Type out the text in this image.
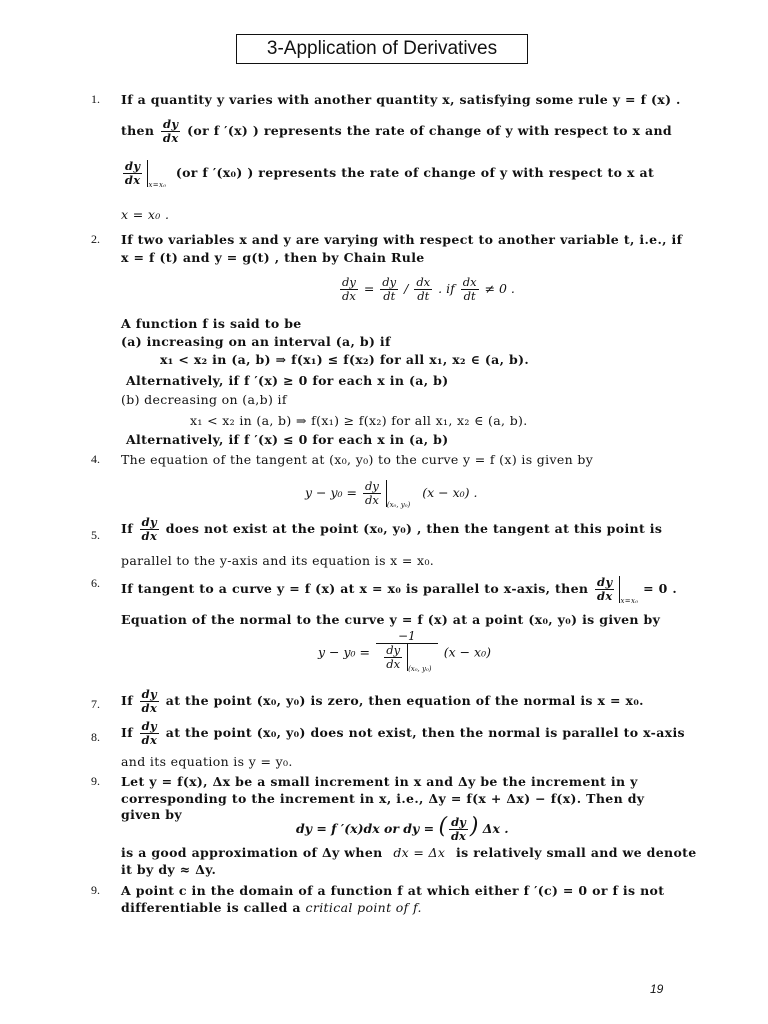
3-Application of Derivatives
1. If a quantity y varies with another quantity x, satisfying some rule y = f (x) .
then $\frac{dy}{dx} (or$ f ′(x) ) represents the rate of change of y with respect to x and
$\frac{dy}{dx} _{x=x_0}$  (or f ′(x₀) ) represents the rate of change of y with respect to x at
x = x₀ .
2. If two variables x and y are varying with respect to another variable t, i.e., if
x = f (t) and y = g(t) , then by Chain Rule
$\frac{dy}{dx} = \frac{dy}{dt} / \frac{dx}{dt}$ . if $\frac{dx}{dt} \ne 0$ .
A function f is said to be
(a) increasing on an interval (a, b) if
x₁ < x₂ in (a, b) ⇒ f(x₁) ≤ f(x₂) for all x₁, x₂ ∈ (a, b).
Alternatively, if f ′(x) ≥ 0 for each x in (a, b)
(b) decreasing on (a,b) if
x₁ < x₂ in (a, b) ⇒ f(x₁) ≥ f(x₂) for all x₁, x₂ ∈ (a, b).
Alternatively, if f ′(x) ≤ 0 for each x in (a, b)
4. The equation of the tangent at (x₀, y₀) to the curve y = f (x) is given by
$y - y_0 = \frac{dy}{dx} _{(x_0, y_0)}$   (x − x₀) .
5. If $\frac{dy}{dx}$ does not exist at the point (x₀, y₀) , then the tangent at this point is
parallel to the y-axis and its equation is x = x₀.
6. If tangent to a curve y = f (x) at x = x₀ is parallel to x-axis, then $\frac{dy}{dx} _{x=x_0} = 0$ .
Equation of the normal to the curve y = f (x) at a point (x₀, y₀) is given by
$y - y_0 = \frac{-1}{\frac{dy}{dx} _{(x_0, y_0)}} (x - x_0)$
7. If $\frac{dy}{dx}$ at the point (x₀, y₀) is zero, then equation of the normal is x = x₀.
8. If $\frac{dy}{dx}$ at the point (x₀, y₀) does not exist, then the normal is parallel to x-axis
and its equation is y = y₀.
9. Let y = f(x), Δx be a small increment in x and Δy be the increment in y
corresponding to the increment in x, i.e., Δy = f(x + Δx) − f(x). Then dy
given by
dy = f ′(x)dx or dy = ( $\frac{dy}{dx}$ ) Δx .
is a good approximation of Δy when dx = Δx is relatively small and we denote
it by dy ≈ Δy.
9. A point c in the domain of a function f at which either f ′(c) = 0 or f is not
differentiable is called a critical point of f.
19
